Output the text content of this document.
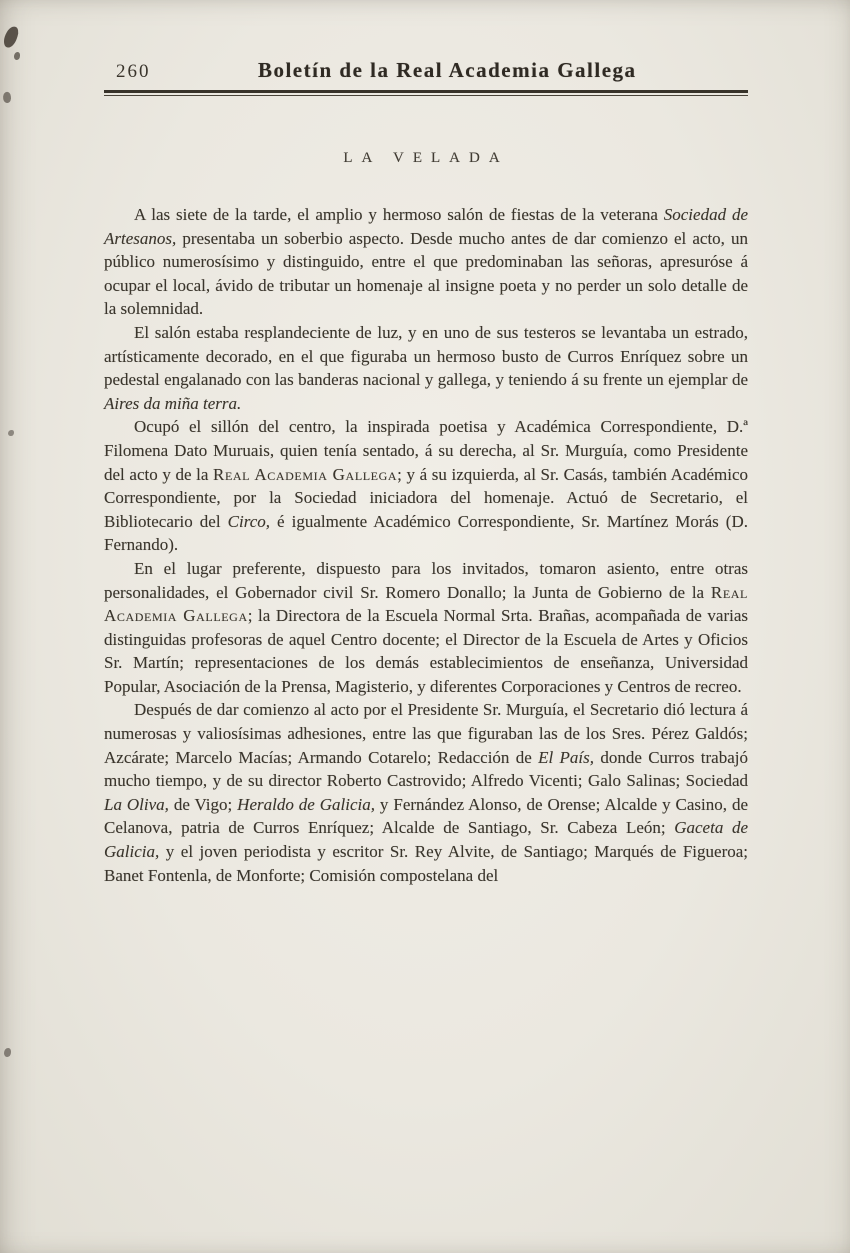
260	Boletín de la Real Academia Gallega
LA VELADA

A las siete de la tarde, el amplio y hermoso salón de fiestas de la veterana Sociedad de Artesanos, presentaba un soberbio aspecto. Desde mucho antes de dar comienzo el acto, un público numerosísimo y distinguido, entre el que predominaban las señoras, apresuróse á ocupar el local, ávido de tributar un homenaje al insigne poeta y no perder un solo detalle de la solemnidad.

El salón estaba resplandeciente de luz, y en uno de sus testeros se levantaba un estrado, artísticamente decorado, en el que figuraba un hermoso busto de Curros Enríquez sobre un pedestal engalanado con las banderas nacional y gallega, y teniendo á su frente un ejemplar de Aires da miña terra.

Ocupó el sillón del centro, la inspirada poetisa y Académica Correspondiente, D.ª Filomena Dato Muruais, quien tenía sentado, á su derecha, al Sr. Murguía, como Presidente del acto y de la Real Academia Gallega; y á su izquierda, al Sr. Casás, también Académico Correspondiente, por la Sociedad iniciadora del homenaje. Actuó de Secretario, el Bibliotecario del Circo, é igualmente Académico Correspondiente, Sr. Martínez Morás (D. Fernando).

En el lugar preferente, dispuesto para los invitados, tomaron asiento, entre otras personalidades, el Gobernador civil Sr. Romero Donallo; la Junta de Gobierno de la Real Academia Gallega; la Directora de la Escuela Normal Srta. Brañas, acompañada de varias distinguidas profesoras de aquel Centro docente; el Director de la Escuela de Artes y Oficios Sr. Martín; representaciones de los demás establecimientos de enseñanza, Universidad Popular, Asociación de la Prensa, Magisterio, y diferentes Corporaciones y Centros de recreo.

Después de dar comienzo al acto por el Presidente Sr. Murguía, el Secretario dió lectura á numerosas y valiosísimas adhesiones, entre las que figuraban las de los Sres. Pérez Galdós; Azcárate; Marcelo Macías; Armando Cotarelo; Redacción de El País, donde Curros trabajó mucho tiempo, y de su director Roberto Castrovido; Alfredo Vicenti; Galo Salinas; Sociedad La Oliva, de Vigo; Heraldo de Galicia, y Fernández Alonso, de Orense; Alcalde y Casino, de Celanova, patria de Curros Enríquez; Alcalde de Santiago, Sr. Cabeza León; Gaceta de Galicia, y el joven periodista y escritor Sr. Rey Alvite, de Santiago; Marqués de Figueroa; Banet Fontenla, de Monforte; Comisión compostelana del
